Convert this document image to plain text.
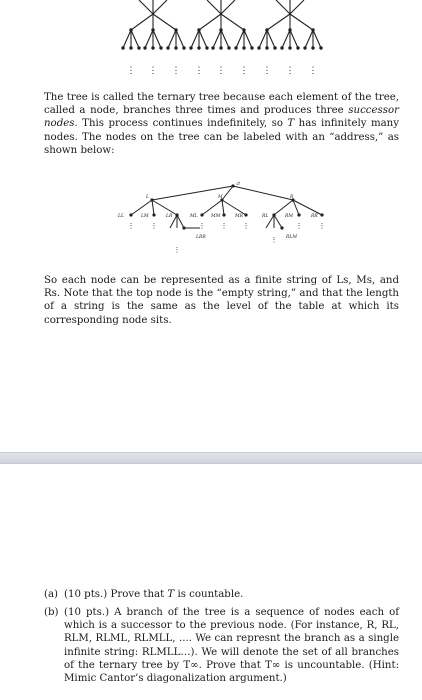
⋮ ⋮ ⋮ ⋮ ⋮ ⋮ ⋮ ⋮ ⋮

The tree is called the ternary tree because each element of the tree, called a node, branches three times and produces three successor nodes. This process continues indefinitely, so T has infinitely many nodes. The nodes on the tree can be labeled with an “address,” as shown below:

∅
L	M	R
LL	LM	LR	ML	MM	MR	RL	RM	RR
LRR	RLM
⋮ ⋮	⋮ ⋮ ⋮	⋮ ⋮
⋮
⋮

So each node can be represented as a finite string of Ls, Ms, and Rs. Note that the top node is the “empty string,” and that the length of a string is the same as the level of the table at which its corresponding node sits.

(a) (10 pts.) Prove that T is countable.
(b) (10 pts.) A branch of the tree is a sequence of nodes each of which is a successor to the previous node. (For instance, R, RL, RLM, RLML, RLMLL, .... We can represnt the branch as a single infinite string: RLMLL…). We will denote the set of all branches of the ternary tree by T∞. Prove that T∞ is uncountable. (Hint: Mimic Cantor’s diagonalization argument.)
